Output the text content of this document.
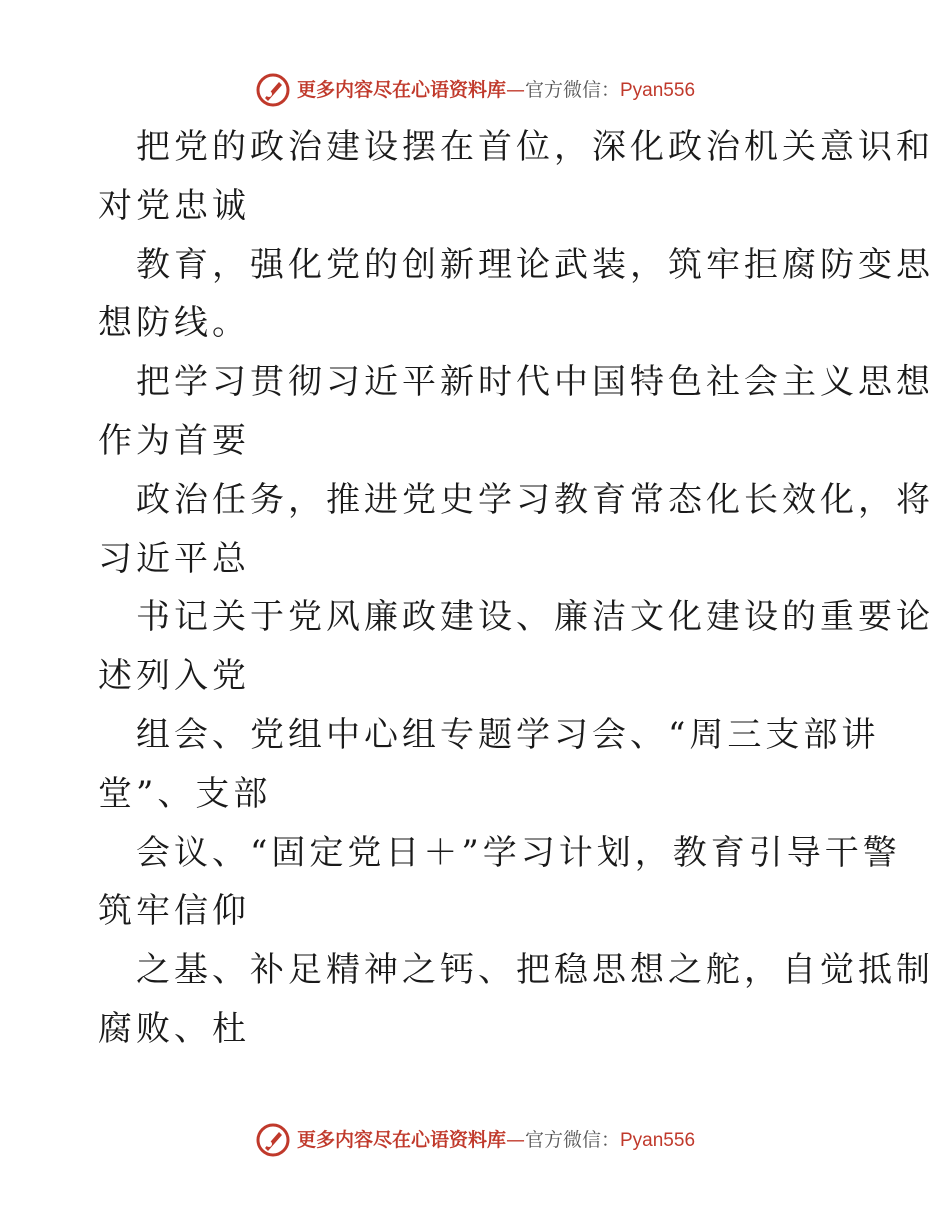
更多内容尽在心语资料库—官方微信：Pyan556
把党的政治建设摆在首位，深化政治机关意识和
对党忠诚
教育，强化党的创新理论武装，筑牢拒腐防变思
想防线。
把学习贯彻习近平新时代中国特色社会主义思想
作为首要
政治任务，推进党史学习教育常态化长效化，将
习近平总
书记关于党风廉政建设、廉洁文化建设的重要论
述列入党
组会、党组中心组专题学习会、“周三支部讲
堂”、支部
会议、“固定党日＋”学习计划，教育引导干警
筑牢信仰
之基、补足精神之钙、把稳思想之舵，自觉抵制
腐败、杜
更多内容尽在心语资料库—官方微信：Pyan556
